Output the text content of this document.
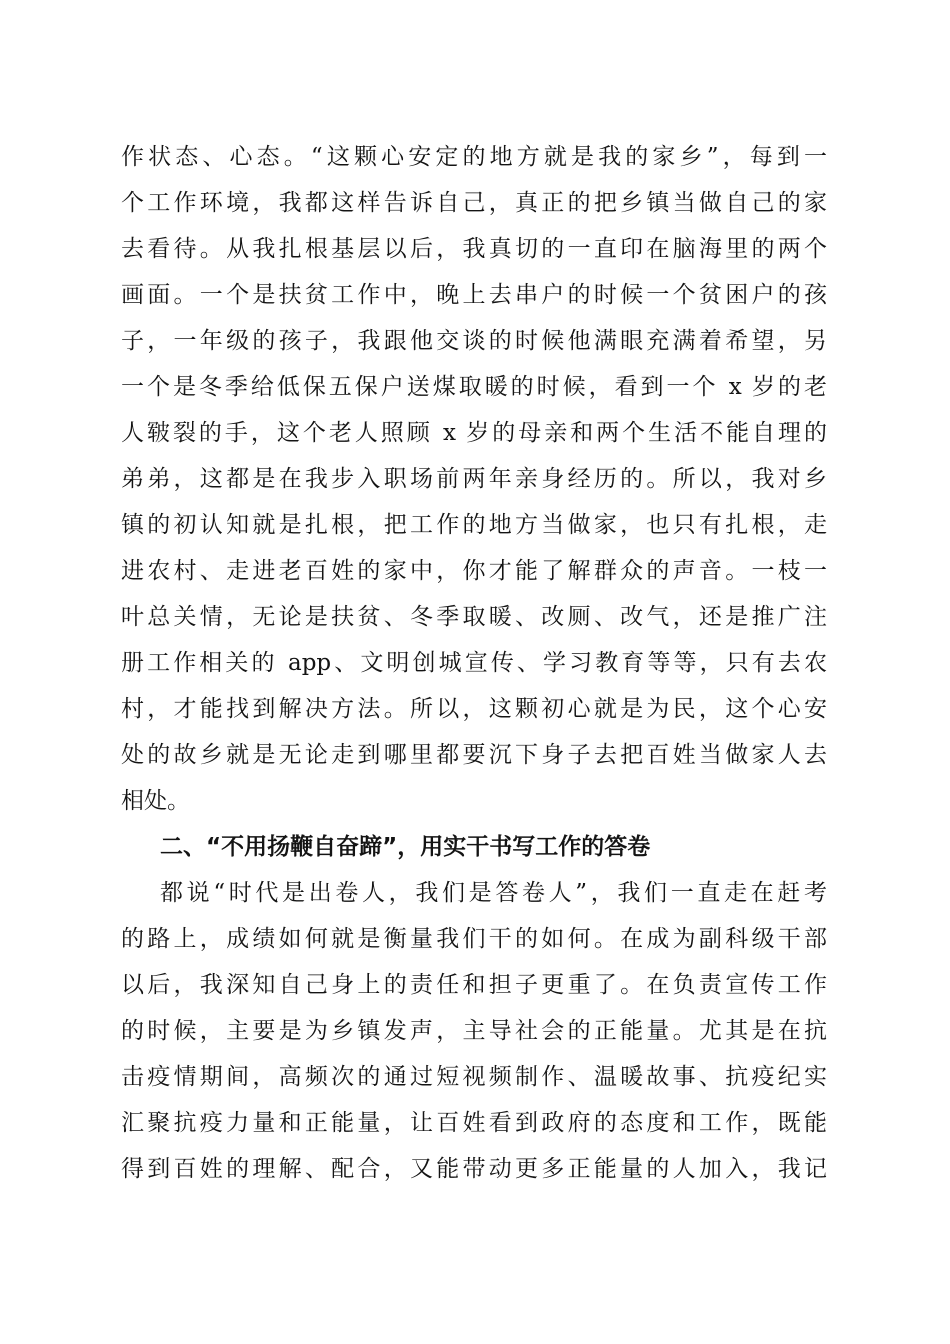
作状态、心态。“这颗心安定的地方就是我的家乡”，每到一
个工作环境，我都这样告诉自己，真正的把乡镇当做自己的家
去看待。从我扎根基层以后，我真切的一直印在脑海里的两个
画面。一个是扶贫工作中，晚上去串户的时候一个贫困户的孩
子，一年级的孩子，我跟他交谈的时候他满眼充满着希望，另
一个是冬季给低保五保户送煤取暖的时候，看到一个 x 岁的老
人皲裂的手，这个老人照顾 x 岁的母亲和两个生活不能自理的
弟弟，这都是在我步入职场前两年亲身经历的。所以，我对乡
镇的初认知就是扎根，把工作的地方当做家，也只有扎根，走
进农村、走进老百姓的家中，你才能了解群众的声音。一枝一
叶总关情，无论是扶贫、冬季取暖、改厕、改气，还是推广注
册工作相关的 app、文明创城宣传、学习教育等等，只有去农
村，才能找到解决方法。所以，这颗初心就是为民，这个心安
处的故乡就是无论走到哪里都要沉下身子去把百姓当做家人去
相处。
二、“不用扬鞭自奋蹄”，用实干书写工作的答卷
都说“时代是出卷人，我们是答卷人”，我们一直走在赶考
的路上，成绩如何就是衡量我们干的如何。在成为副科级干部
以后，我深知自己身上的责任和担子更重了。在负责宣传工作
的时候，主要是为乡镇发声，主导社会的正能量。尤其是在抗
击疫情期间，高频次的通过短视频制作、温暖故事、抗疫纪实
汇聚抗疫力量和正能量，让百姓看到政府的态度和工作，既能
得到百姓的理解、配合，又能带动更多正能量的人加入，我记
